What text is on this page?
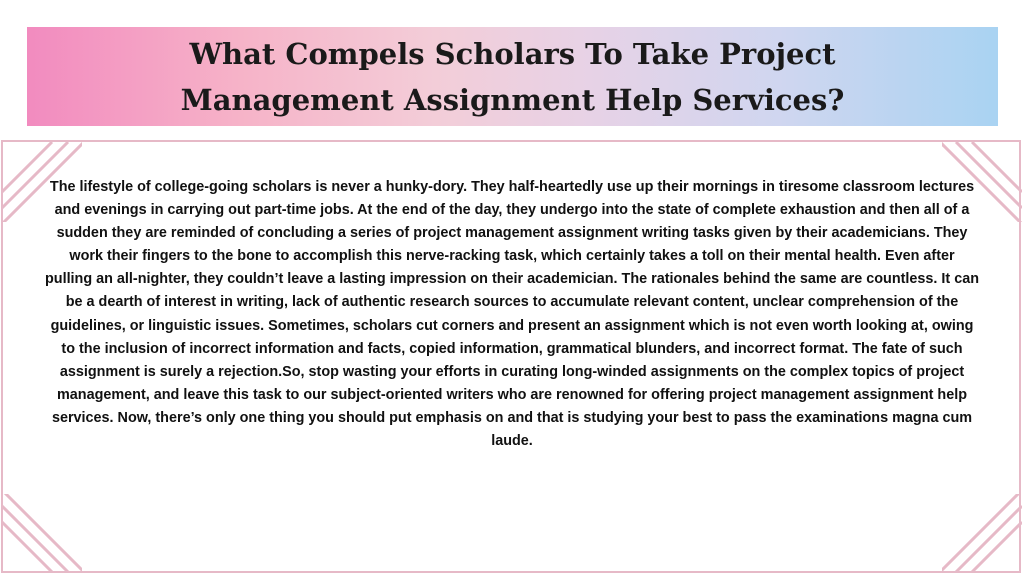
What Compels Scholars To Take Project
Management Assignment Help Services?

The lifestyle of college-going scholars is never a hunky-dory. They half-heartedly use up their mornings in tiresome classroom lectures and evenings in carrying out part-time jobs. At the end of the day, they undergo into the state of complete exhaustion and then all of a sudden they are reminded of concluding a series of project management assignment writing tasks given by their academicians. They work their fingers to the bone to accomplish this nerve-racking task, which certainly takes a toll on their mental health. Even after pulling an all-nighter, they couldn’t leave a lasting impression on their academician. The rationales behind the same are countless. It can be a dearth of interest in writing, lack of authentic research sources to accumulate relevant content, unclear comprehension of the guidelines, or linguistic issues. Sometimes, scholars cut corners and present an assignment which is not even worth looking at, owing to the inclusion of incorrect information and facts, copied information, grammatical blunders, and incorrect format. The fate of such assignment is surely a rejection.So, stop wasting your efforts in curating long-winded assignments on the complex topics of project management, and leave this task to our subject-oriented writers who are renowned for offering project management assignment help services. Now, there’s only one thing you should put emphasis on and that is studying your best to pass the examinations magna cum laude.
